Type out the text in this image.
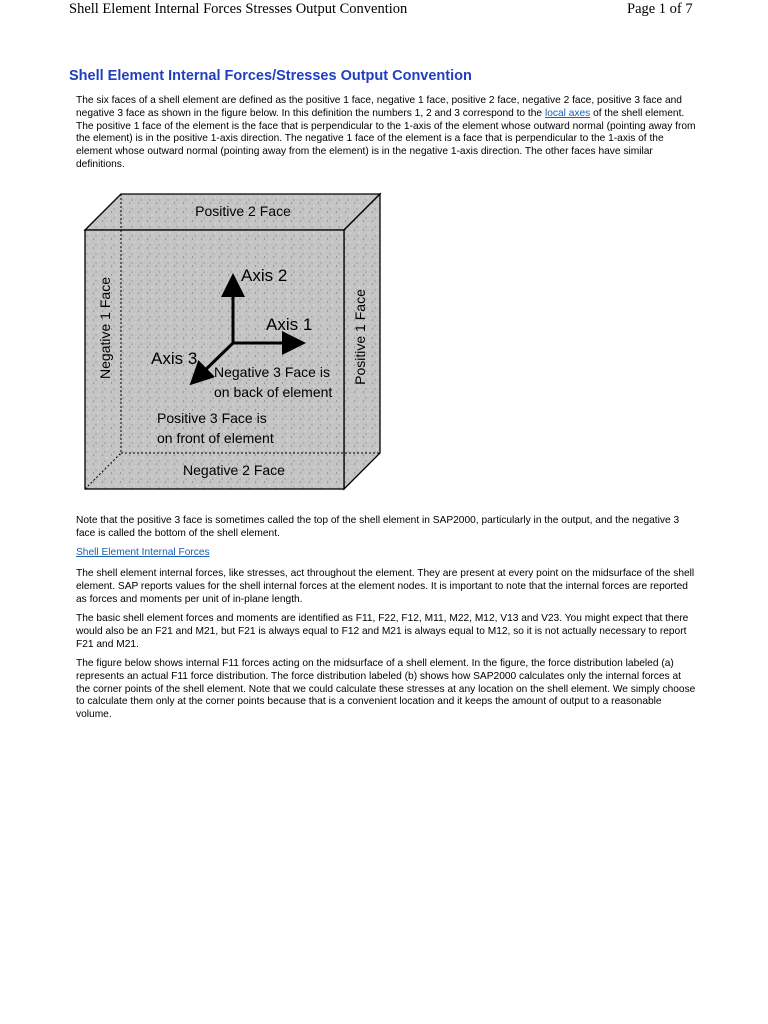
Shell Element Internal Forces Stresses Output Convention	Page 1 of 7
Shell Element Internal Forces/Stresses Output Convention

The six faces of a shell element are defined as the positive 1 face, negative 1 face, positive 2 face, negative 2 face, positive 3 face and negative 3 face as shown in the figure below. In this definition the numbers 1, 2 and 3 correspond to the local axes of the shell element. The positive 1 face of the element is the face that is perpendicular to the 1-axis of the element whose outward normal (pointing away from the element) is in the positive 1-axis direction. The negative 1 face of the element is a face that is perpendicular to the 1-axis of the element whose outward normal (pointing away from the element) is in the negative 1-axis direction. The other faces have similar definitions.

Positive 2 Face
Negative 2 Face
Negative 1 Face	Positive 1 Face
Axis 2
Axis 1
Axis 3
Negative 3 Face is
on back of element
Positive 3 Face is
on front of element

Note that the positive 3 face is sometimes called the top of the shell element in SAP2000, particularly in the output, and the negative 3 face is called the bottom of the shell element.

Shell Element Internal Forces

The shell element internal forces, like stresses, act throughout the element. They are present at every point on the midsurface of the shell element. SAP reports values for the shell internal forces at the element nodes. It is important to note that the internal forces are reported as forces and moments per unit of in-plane length.

The basic shell element forces and moments are identified as F11, F22, F12, M11, M22, M12, V13 and V23. You might expect that there would also be an F21 and M21, but F21 is always equal to F12 and M21 is always equal to M12, so it is not actually necessary to report F21 and M21.

The figure below shows internal F11 forces acting on the midsurface of a shell element. In the figure, the force distribution labeled (a) represents an actual F11 force distribution. The force distribution labeled (b) shows how SAP2000 calculates only the internal forces at the corner points of the shell element. Note that we could calculate these stresses at any location on the shell element. We simply choose to calculate them only at the corner points because that is a convenient location and it keeps the amount of output to a reasonable volume.
